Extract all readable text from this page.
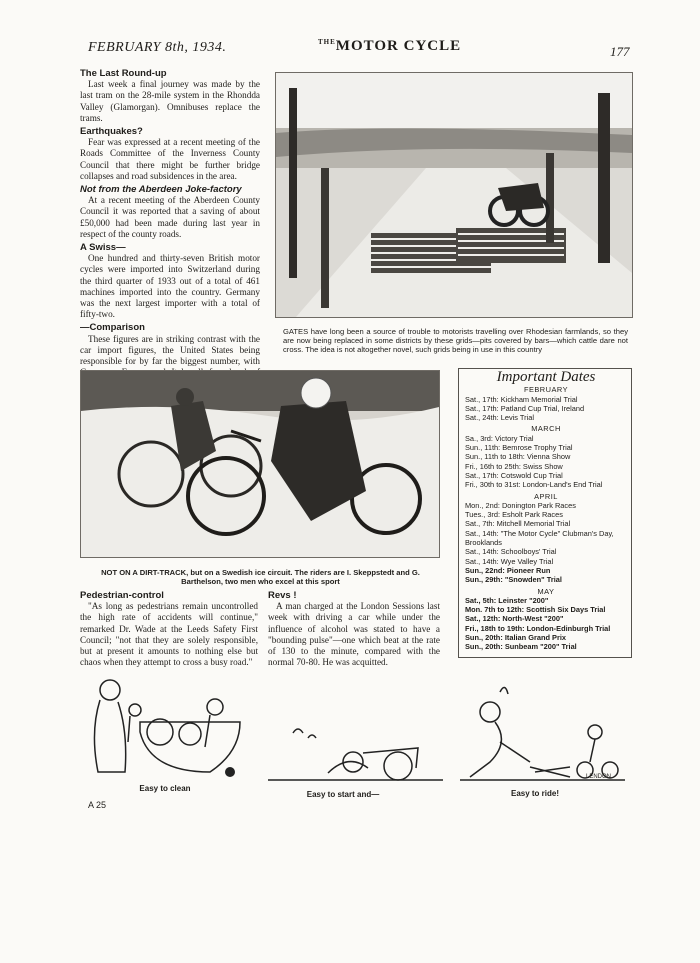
FEBRUARY 8th, 1934.	$^{THE}$MOTOR CYCLE	177
The Last Round-up

Last week a final journey was made by the last tram on the 28-mile system in the Rhondda Valley (Glamorgan). Omnibuses replace the trams.

Earthquakes?

Fear was expressed at a recent meeting of the Roads Committee of the Inverness County Council that there might be further bridge collapses and road subsidences in the area.

Not from the Aberdeen Joke-factory

At a recent meeting of the Aberdeen County Council it was reported that a saving of about £50,000 had been made during last year in respect of the county roads.

A Swiss—

One hundred and thirty-seven British motor cycles were imported into Switzerland during the third quarter of 1933 out of a total of 461 machines imported into the country. Germany was the next largest importer with a total of fifty-two.

—Comparison

These figures are in striking contrast with the car import figures, the United States being responsible for by far the biggest number, with

GATES have long been a source of trouble to motorists travelling over Rhodesian farmlands, so they are now being replaced in some districts by these grids—pits covered by bars—which cattle dare not cross. The idea is not altogether novel, such grids being in use in this country
NOT ON A DIRT-TRACK, but on a Swedish ice circuit. The riders are I. Skeppstedt and G. Barthelson, two men who excel at this sport
Important Dates
FEBRUARY
Sat., 17th: Kickham Memorial Trial
Sat., 17th: Patland Cup Trial, Ireland
Sat., 24th: Levis Trial
MARCH
Sa., 3rd: Victory Trial
Sun., 11th: Bemrose Trophy Trial
Sun., 11th to 18th: Vienna Show
Fri., 16th to 25th: Swiss Show
Sat., 17th: Cotswold Cup Trial
Fri., 30th to 31st: London-Land's End Trial
APRIL
Mon., 2nd: Donington Park Races
Tues., 3rd: Esholt Park Races
Sat., 7th: Mitchell Memorial Trial
Sat., 14th: "The Motor Cycle" Clubman's Day, Brooklands
Sat., 14th: Schoolboys' Trial
Sat., 14th: Wye Valley Trial
Sun., 22nd: Pioneer Run
Sun., 29th: "Snowden" Trial
MAY
Sat., 5th: Leinster "200"
Mon. 7th to 12th: Scottish Six Days Trial
Sat., 12th: North-West "200"
Fri., 18th to 19th: London-Edinburgh Trial
Sun., 20th: Italian Grand Prix
Sun., 20th: Sunbeam "200" Trial
Pedestrian-control

"As long as pedestrians remain uncontrolled the high rate of accidents will continue," remarked Dr. Wade at the Leeds Safety First Council; "not that they are solely responsible, but at present it amounts to nothing else but chaos when they attempt to cross a busy road."

Revs !

A man charged at the London Sessions last week with driving a car while under the influence of alcohol was stated to have a "bounding pulse"—one which beat at the rate of 130 to the minute, compared with the normal 70-80. He was acquitted.

Easy to clean
Easy to start and—
LENDON
Easy to ride!
A 25
